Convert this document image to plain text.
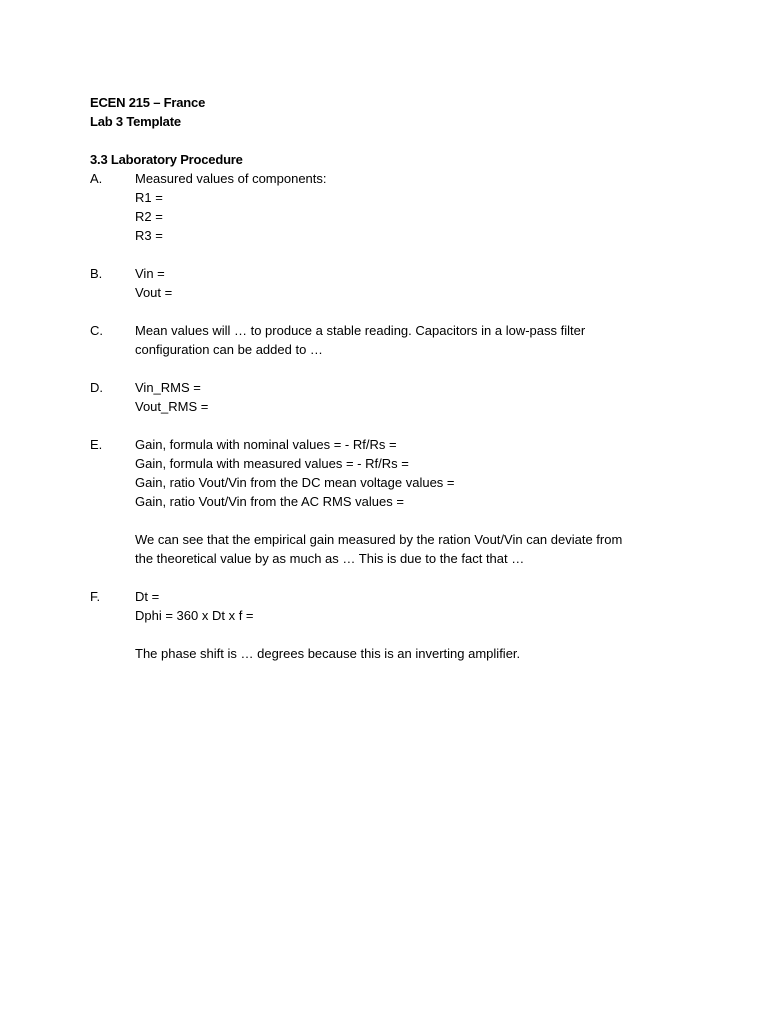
ECEN 215 – France
Lab 3 Template
3.3 Laboratory Procedure
A.	Measured values of components:
R1 =
R2 =
R3 =
B.	Vin =
Vout =
C.	Mean values will … to produce a stable reading. Capacitors in a low-pass filter
configuration can be added to …
D.	Vin_RMS =
Vout_RMS =
E.	Gain, formula with nominal values = - Rf/Rs =
Gain, formula with measured values = - Rf/Rs =
Gain, ratio Vout/Vin from the DC mean voltage values =
Gain, ratio Vout/Vin from the AC RMS values =
We can see that the empirical gain measured by the ration Vout/Vin can deviate from
the theoretical value by as much as … This is due to the fact that …
F.	Dt =
Dphi = 360 x Dt x f =
The phase shift is … degrees because this is an inverting amplifier.
